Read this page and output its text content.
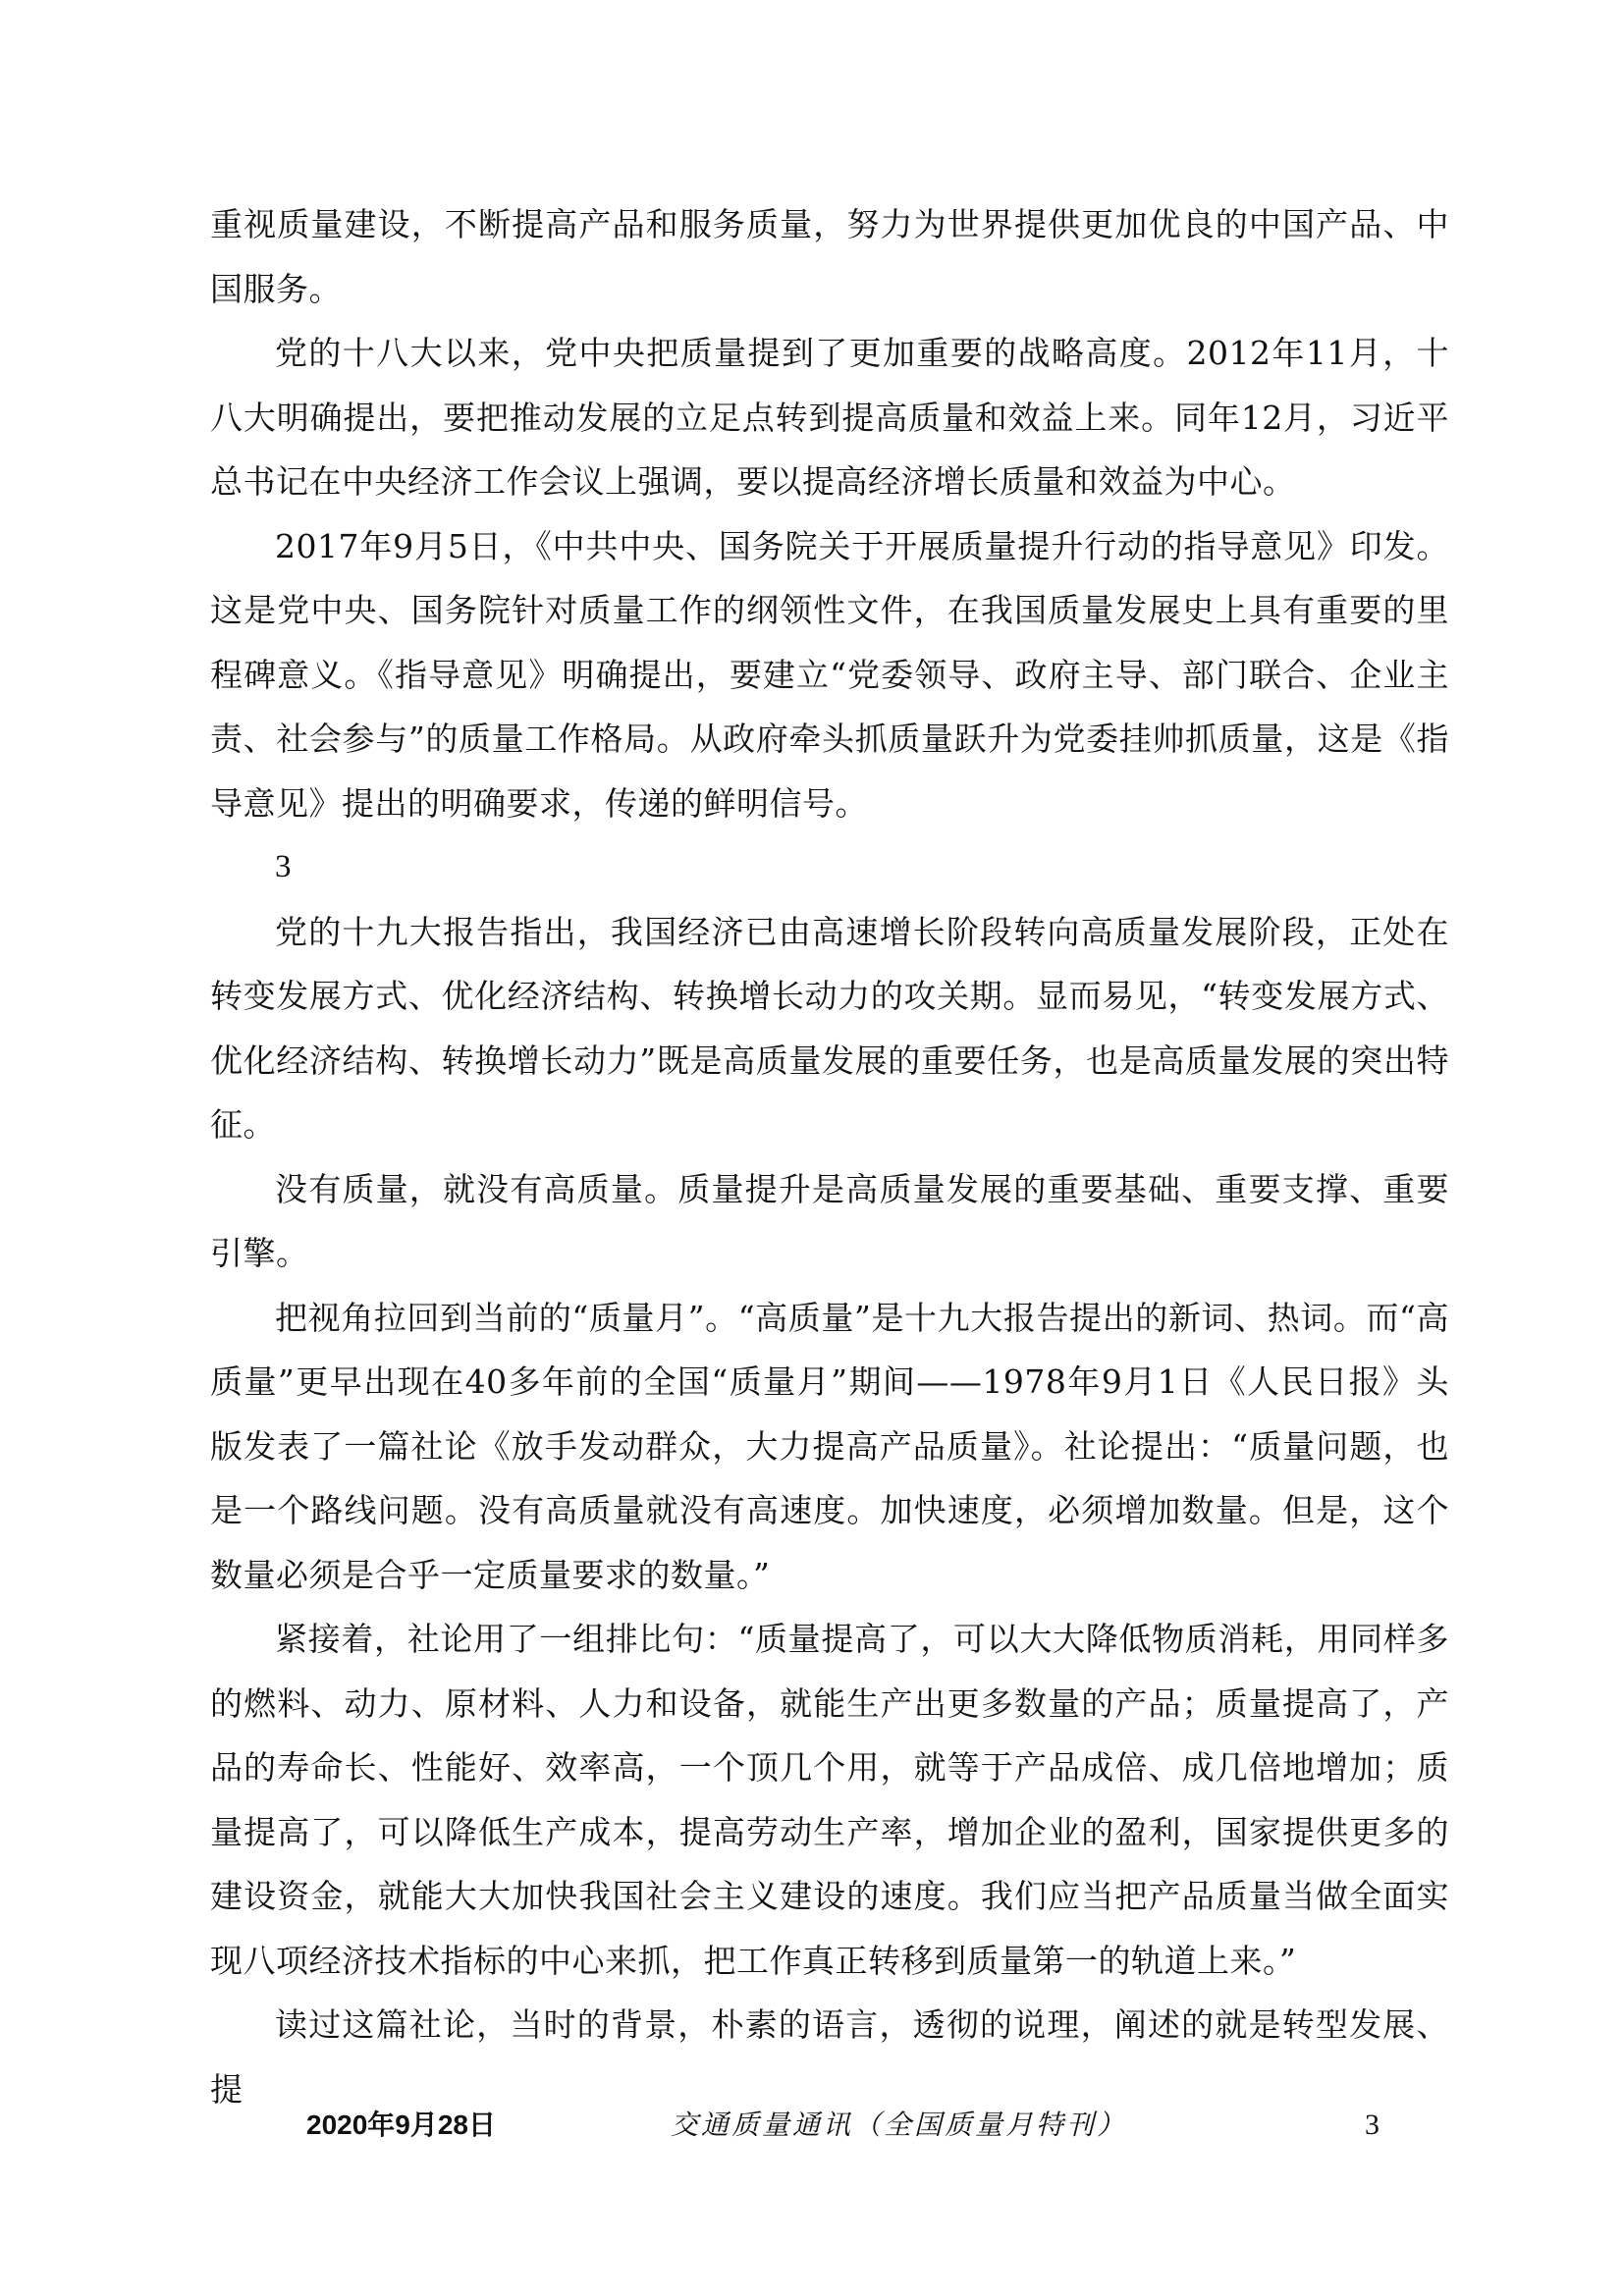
重视质量建设，不断提高产品和服务质量，努力为世界提供更加优良的中国产品、中国服务。

党的十八大以来，党中央把质量提到了更加重要的战略高度。2012年11月，十八大明确提出，要把推动发展的立足点转到提高质量和效益上来。同年12月，习近平总书记在中央经济工作会议上强调，要以提高经济增长质量和效益为中心。

2017年9月5日，《中共中央、国务院关于开展质量提升行动的指导意见》印发。这是党中央、国务院针对质量工作的纲领性文件，在我国质量发展史上具有重要的里程碑意义。《指导意见》明确提出，要建立“党委领导、政府主导、部门联合、企业主责、社会参与”的质量工作格局。从政府牵头抓质量跃升为党委挂帅抓质量，这是《指导意见》提出的明确要求，传递的鲜明信号。

3

党的十九大报告指出，我国经济已由高速增长阶段转向高质量发展阶段，正处在转变发展方式、优化经济结构、转换增长动力的攻关期。显而易见，“转变发展方式、优化经济结构、转换增长动力”既是高质量发展的重要任务，也是高质量发展的突出特征。

没有质量，就没有高质量。质量提升是高质量发展的重要基础、重要支撑、重要引擎。

把视角拉回到当前的“质量月”。“高质量”是十九大报告提出的新词、热词。而“高质量”更早出现在40多年前的全国“质量月”期间——1978年9月1日《人民日报》头版发表了一篇社论《放手发动群众，大力提高产品质量》。社论提出：“质量问题，也是一个路线问题。没有高质量就没有高速度。加快速度，必须增加数量。但是，这个数量必须是合乎一定质量要求的数量。”

紧接着，社论用了一组排比句：“质量提高了，可以大大降低物质消耗，用同样多的燃料、动力、原材料、人力和设备，就能生产出更多数量的产品；质量提高了，产品的寿命长、性能好、效率高，一个顶几个用，就等于产品成倍、成几倍地增加；质量提高了，可以降低生产成本，提高劳动生产率，增加企业的盈利，国家提供更多的建设资金，就能大大加快我国社会主义建设的速度。我们应当把产品质量当做全面实现八项经济技术指标的中心来抓，把工作真正转移到质量第一的轨道上来。”

读过这篇社论，当时的背景，朴素的语言，透彻的说理，阐述的就是转型发展、提

2020年9月28日	交通质量通讯（全国质量月特刊）	3
